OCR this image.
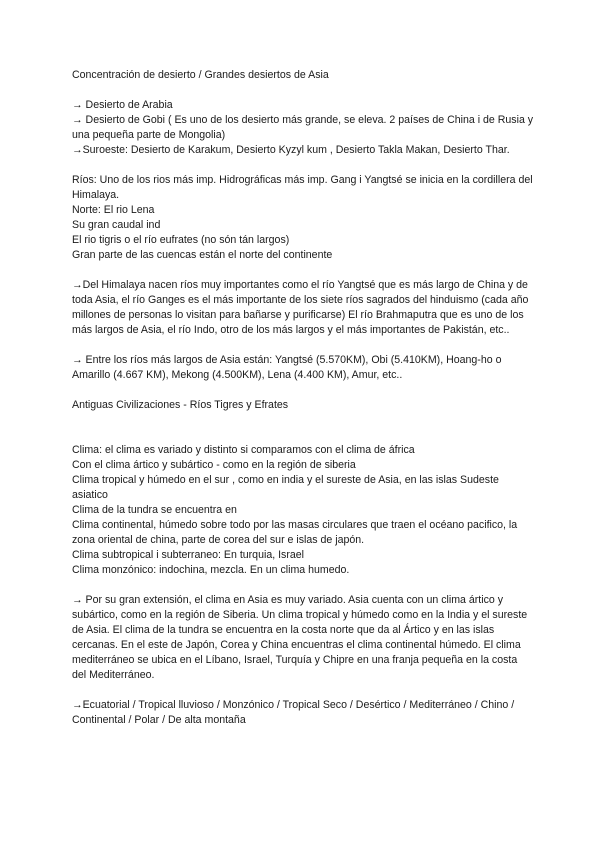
Concentración de desierto / Grandes desiertos de Asia

→ Desierto de Arabia

→ Desierto de Gobi ( Es uno de los desierto más grande, se eleva. 2 países de China i de Rusia y una pequeña parte de Mongolia)

→Suroeste: Desierto de Karakum, Desierto Kyzyl kum , Desierto Takla Makan, Desierto Thar.

Ríos: Uno de los rios más imp. Hidrográficas más imp. Gang i Yangtsé se inicia en la cordillera del Himalaya.

Norte: El rio Lena

Su gran caudal ind

El rio tigris o el río eufrates (no són tán largos)

Gran parte de las cuencas están el norte del continente

→Del Himalaya nacen ríos muy importantes como el río Yangtsé que es más largo de China y de toda Asia, el río Ganges es el más importante de los siete ríos sagrados del hinduismo (cada año millones de personas lo visitan para bañarse y purificarse) El río Brahmaputra que es uno de los más largos de Asia, el río Indo, otro de los más largos y el más importantes de Pakistán, etc..

→ Entre los ríos más largos de Asia están: Yangtsé (5.570KM), Obi (5.410KM), Hoang-ho o Amarillo (4.667 KM), Mekong (4.500KM), Lena (4.400 KM), Amur, etc..

Antiguas Civilizaciones - Ríos Tigres y Efrates

Clima: el clima es variado y distinto si comparamos con el clima de áfrica

Con el clima ártico y subártico - como en la región de siberia

Clima tropical y húmedo en el sur , como en india y el sureste de Asia, en las islas Sudeste asiatico

Clima de la tundra se encuentra en

Clima continental, húmedo sobre todo por las masas circulares que traen el océano pacifico, la zona oriental de china, parte de corea del sur e islas de japón.

Clima subtropical i subterraneo: En turquia, Israel

Clima monzónico: indochina, mezcla. En un clima humedo.

→ Por su gran extensión, el clima en Asia es muy variado. Asia cuenta con un clima ártico y subártico, como en la región de Siberia. Un clima tropical y húmedo como en la India y el sureste de Asia. El clima de la tundra se encuentra en la costa norte que da al Ártico y en las islas cercanas. En el este de Japón, Corea y China encuentras el clima continental húmedo. El clima mediterráneo se ubica en el Líbano, Israel, Turquía y Chipre en una franja pequeña en la costa del Mediterráneo.

→Ecuatorial / Tropical lluvioso / Monzónico / Tropical Seco / Desértico / Mediterráneo / Chino / Continental / Polar / De alta montaña
